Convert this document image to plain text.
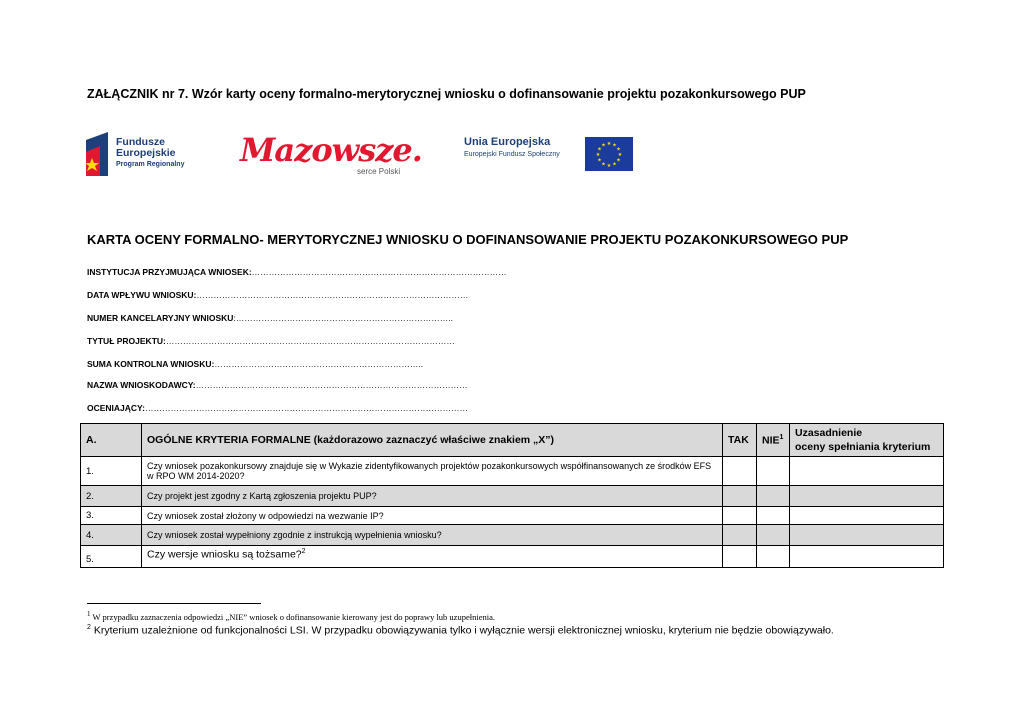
ZAŁĄCZNIK nr 7. Wzór karty oceny formalno-merytorycznej wniosku o dofinansowanie projektu pozakonkursowego PUP
Fundusze
Europejskie
Program Regionalny Mazowsze.
serce Polski
Unia Europejska
Europejski Fundusz Społeczny
★ ★
★
★
★
★
★
★
★
★
★
★
KARTA OCENY FORMALNO- MERYTORYCZNEJ WNIOSKU O DOFINANSOWANIE PROJEKTU POZAKONKURSOWEGO PUP
INSTYTUCJA PRZYJMUJĄCA WNIOSEK:………………………………………………………………………………
DATA WPŁYWU WNIOSKU:……………………………………………………………………………………
NUMER KANCELARYJNY WNIOSKU:…………………………………………………………………..
TYTUŁ PROJEKTU:…………………………………………………………………………………………
SUMA KONTROLNA WNIOSKU:………………………………………………………………..
NAZWA WNIOSKODAWCY:……………………………………………………………………………………
OCENIAJĄCY:……………………………………………………………………………………………………
A.	OGÓLNE KRYTERIA FORMALNE (każdorazowo zaznaczyć właściwe znakiem „X”)	TAK	NIE$^1$	Uzasadnienie
oceny spełniania kryterium
1.	Czy wniosek pozakonkursowy znajduje się w Wykazie zidentyfikowanych projektów pozakonkursowych współfinansowanych ze środków EFS w RPO WM 2014-2020?			
2.	Czy projekt jest zgodny z Kartą zgłoszenia projektu PUP?			
3.	Czy wniosek został złożony w odpowiedzi na wezwanie IP?			
4.	Czy wniosek został wypełniony zgodnie z instrukcją wypełnienia wniosku?			
5.	Czy wersje wniosku są tożsame?$^2$			
$^1$ W przypadku zaznaczenia odpowiedzi „NIE” wniosek o dofinansowanie kierowany jest do poprawy lub uzupełnienia.
$^2$ Kryterium uzależnione od funkcjonalności LSI. W przypadku obowiązywania tylko i wyłącznie wersji elektronicznej wniosku, kryterium nie będzie obowiązywało.
